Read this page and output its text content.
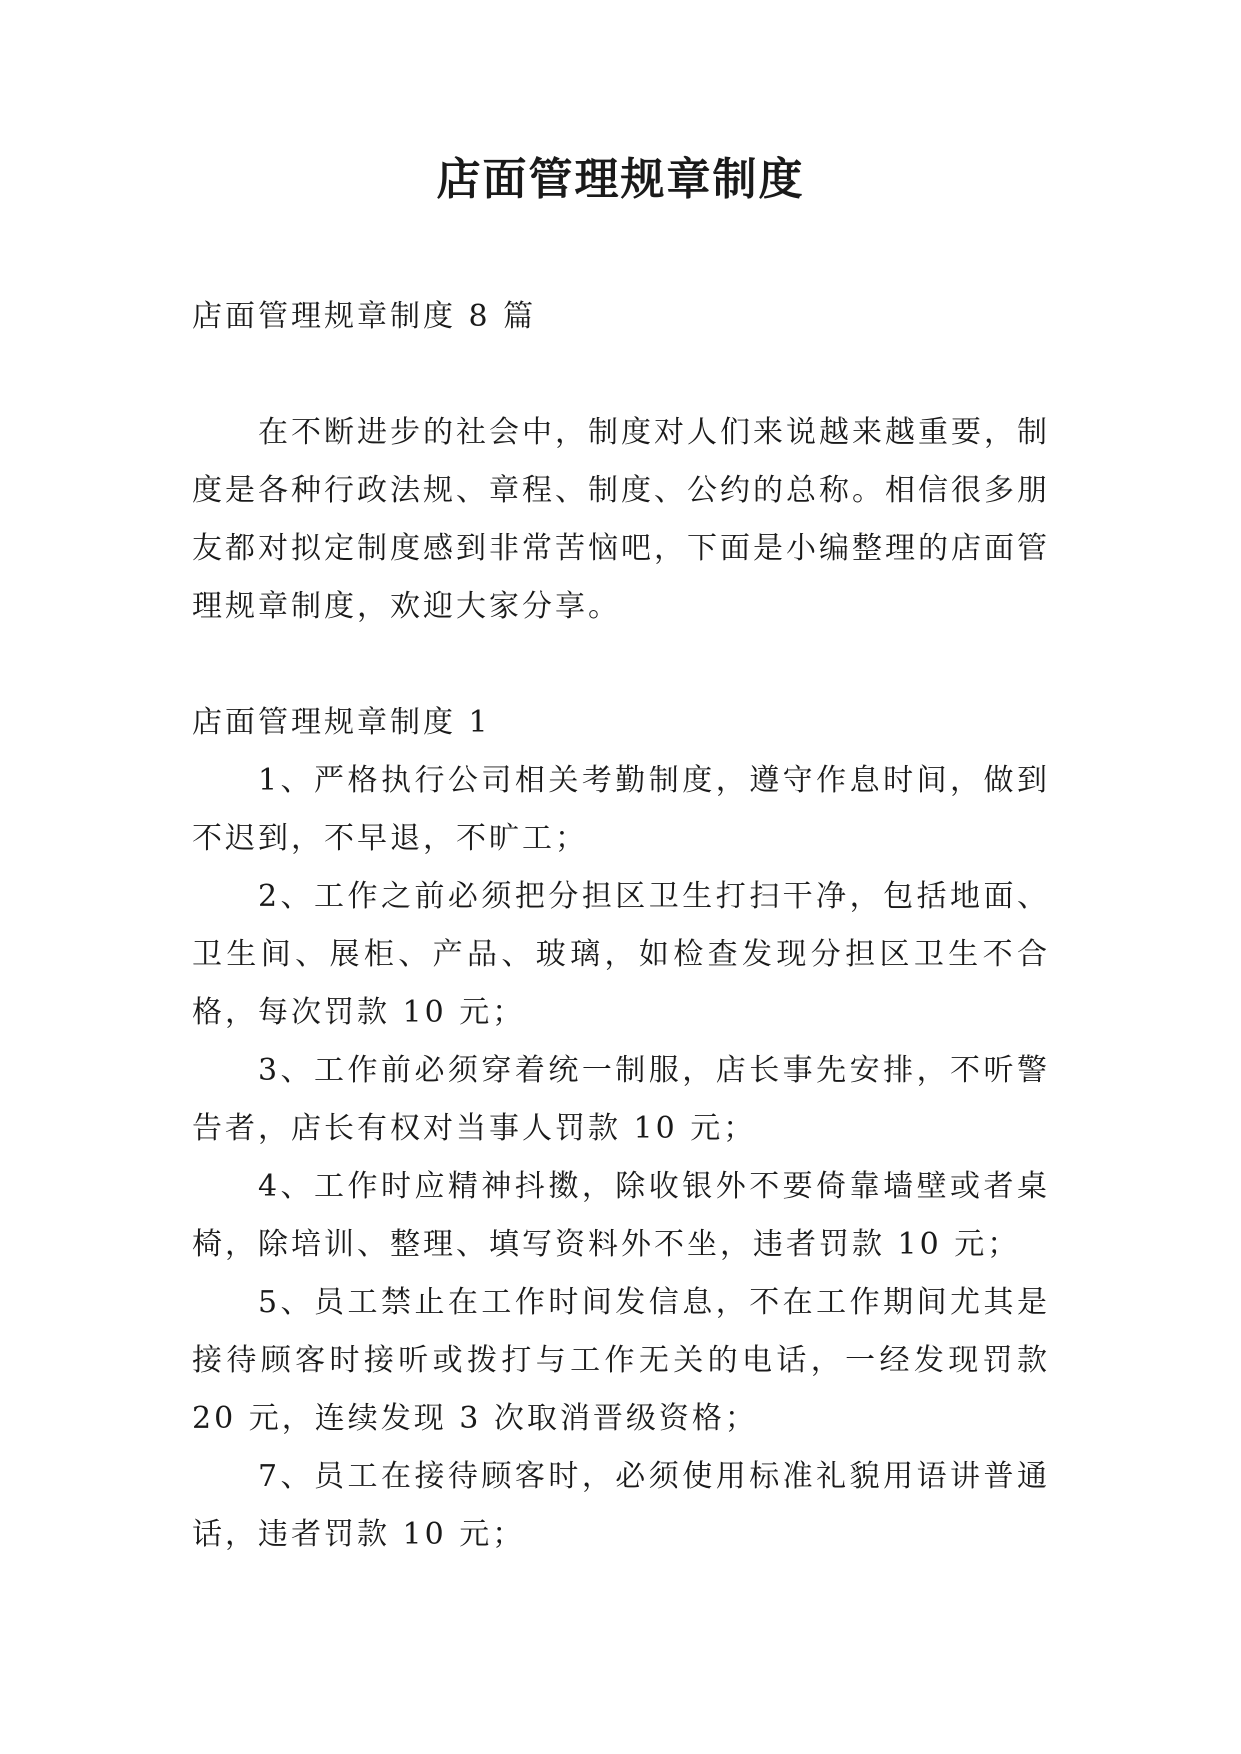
店面管理规章制度

店面管理规章制度 8 篇

在不断进步的社会中，制度对人们来说越来越重要，制度是各种行政法规、章程、制度、公约的总称。相信很多朋友都对拟定制度感到非常苦恼吧，下面是小编整理的店面管理规章制度，欢迎大家分享。

店面管理规章制度 1

1、严格执行公司相关考勤制度，遵守作息时间，做到不迟到，不早退，不旷工；

2、工作之前必须把分担区卫生打扫干净，包括地面、卫生间、展柜、产品、玻璃，如检查发现分担区卫生不合格，每次罚款 10 元；

3、工作前必须穿着统一制服，店长事先安排，不听警告者，店长有权对当事人罚款 10 元；

4、工作时应精神抖擞，除收银外不要倚靠墙壁或者桌椅，除培训、整理、填写资料外不坐，违者罚款 10 元；

5、员工禁止在工作时间发信息，不在工作期间尤其是接待顾客时接听或拨打与工作无关的电话，一经发现罚款 20 元，连续发现 3 次取消晋级资格；

7、员工在接待顾客时，必须使用标准礼貌用语讲普通话，违者罚款 10 元；
